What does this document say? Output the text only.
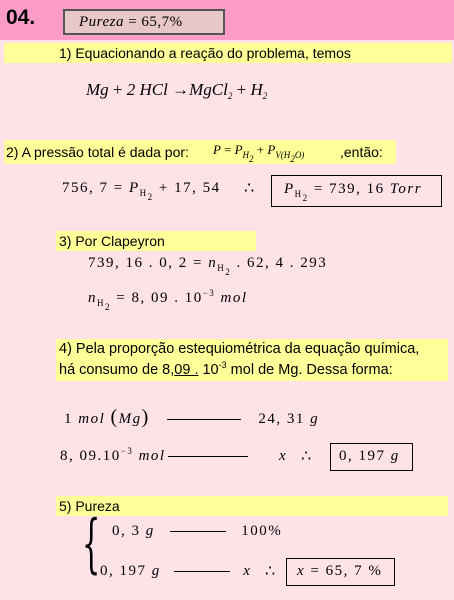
04.	Pureza = 65,7%
1) Equacionando a reação do problema, temos
Mg + 2 HCl →MgCl$_2$ + $H_2$
2) A pressão total é dada por: $P = P_{H_2} + P_{V(H_2O)}$	,então:
756, $7 = P_{H_2} + 17$, 54 ∴	$P_{H_2} = 739$, 16 Torr
3) Por Clapeyron
739, 16 . 0, $2 = n_{H_2}$ . 62, 4 . 293
$n_{H_2} = 8$, 09 . $10^{-3}$ mol
4) Pela proporção estequiométrica da equação química,
há consumo de 8,09 . $10^{-3}$ mol de Mg. Dessa forma:
1 mol (Mg)	24, 31 g
8, $09.10^{-3}$ mol	x ∴	0, 197 g
5) Pureza
{ 0, 3 g	100%
0, 197 g	x ∴	x = 65, 7 %
